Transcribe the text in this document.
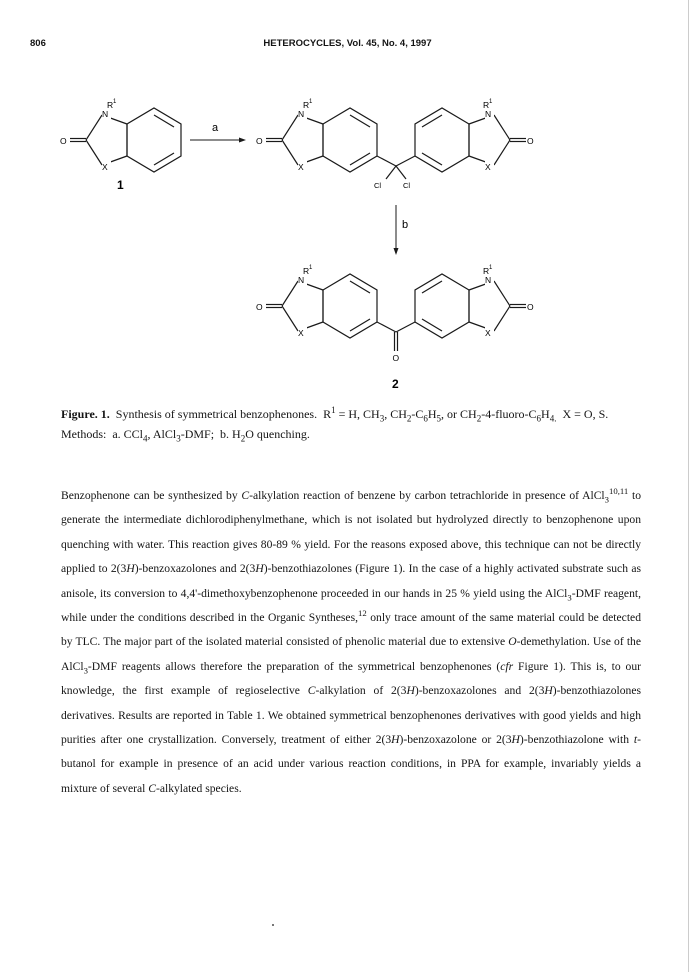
806	HETEROCYCLES, Vol. 45, No. 4, 1997
N
R 1
X
O
1
a
N
R 1
X
O
N
R 1
X
O
Cl	Cl
b
N
R 1
X
O
N
R 1
X
O
O
2
Figure. 1. Synthesis of symmetrical benzophenones. $R^1 = H$, $CH_3$, $CH_2-C_6H_5$, or $CH_2-4-fluoro-C_6H_{4.}$  X = O, S.  Methods:  a. CCl$_4$, AlCl$_3$-DMF;  b. $H_2O$ quenching.

Benzophenone can be synthesized by C-alkylation reaction of benzene by carbon tetrachloride in presence of AlCl$_3^{10,11}$ to generate the intermediate dichlorodiphenylmethane, which is not isolated but hydrolyzed directly to benzophenone upon quenching with water. This reaction gives 80-89 % yield. For the reasons exposed above, this technique can not be directly applied to 2(3H)-benzoxazolones and 2(3H)-benzothiazolones (Figure 1). In the case of a highly activated substrate such as anisole, its conversion to 4,4'-dimethoxybenzophenone proceeded in our hands in 25 % yield using the AlCl$_3$-DMF reagent, while under the conditions described in the Organic Syntheses,$^{12}$ only trace amount of the same material could be detected by TLC. The major part of the isolated material consisted of phenolic material due to extensive O-demethylation. Use of the AlCl$_3$-DMF reagents allows therefore the preparation of the symmetrical benzophenones (cfr Figure 1). This is, to our knowledge, the first example of regioselective C-alkylation of 2(3H)-benzoxazolones and 2(3H)-benzothiazolones derivatives. Results are reported in Table 1. We obtained symmetrical benzophenones derivatives with good yields and high purities after one crystallization. Conversely, treatment of either 2(3H)-benzoxazolone or 2(3H)-benzothiazolone with t-butanol for example in presence of an acid under various reaction conditions, in PPA for example, invariably yields a mixture of several C-alkylated species.
